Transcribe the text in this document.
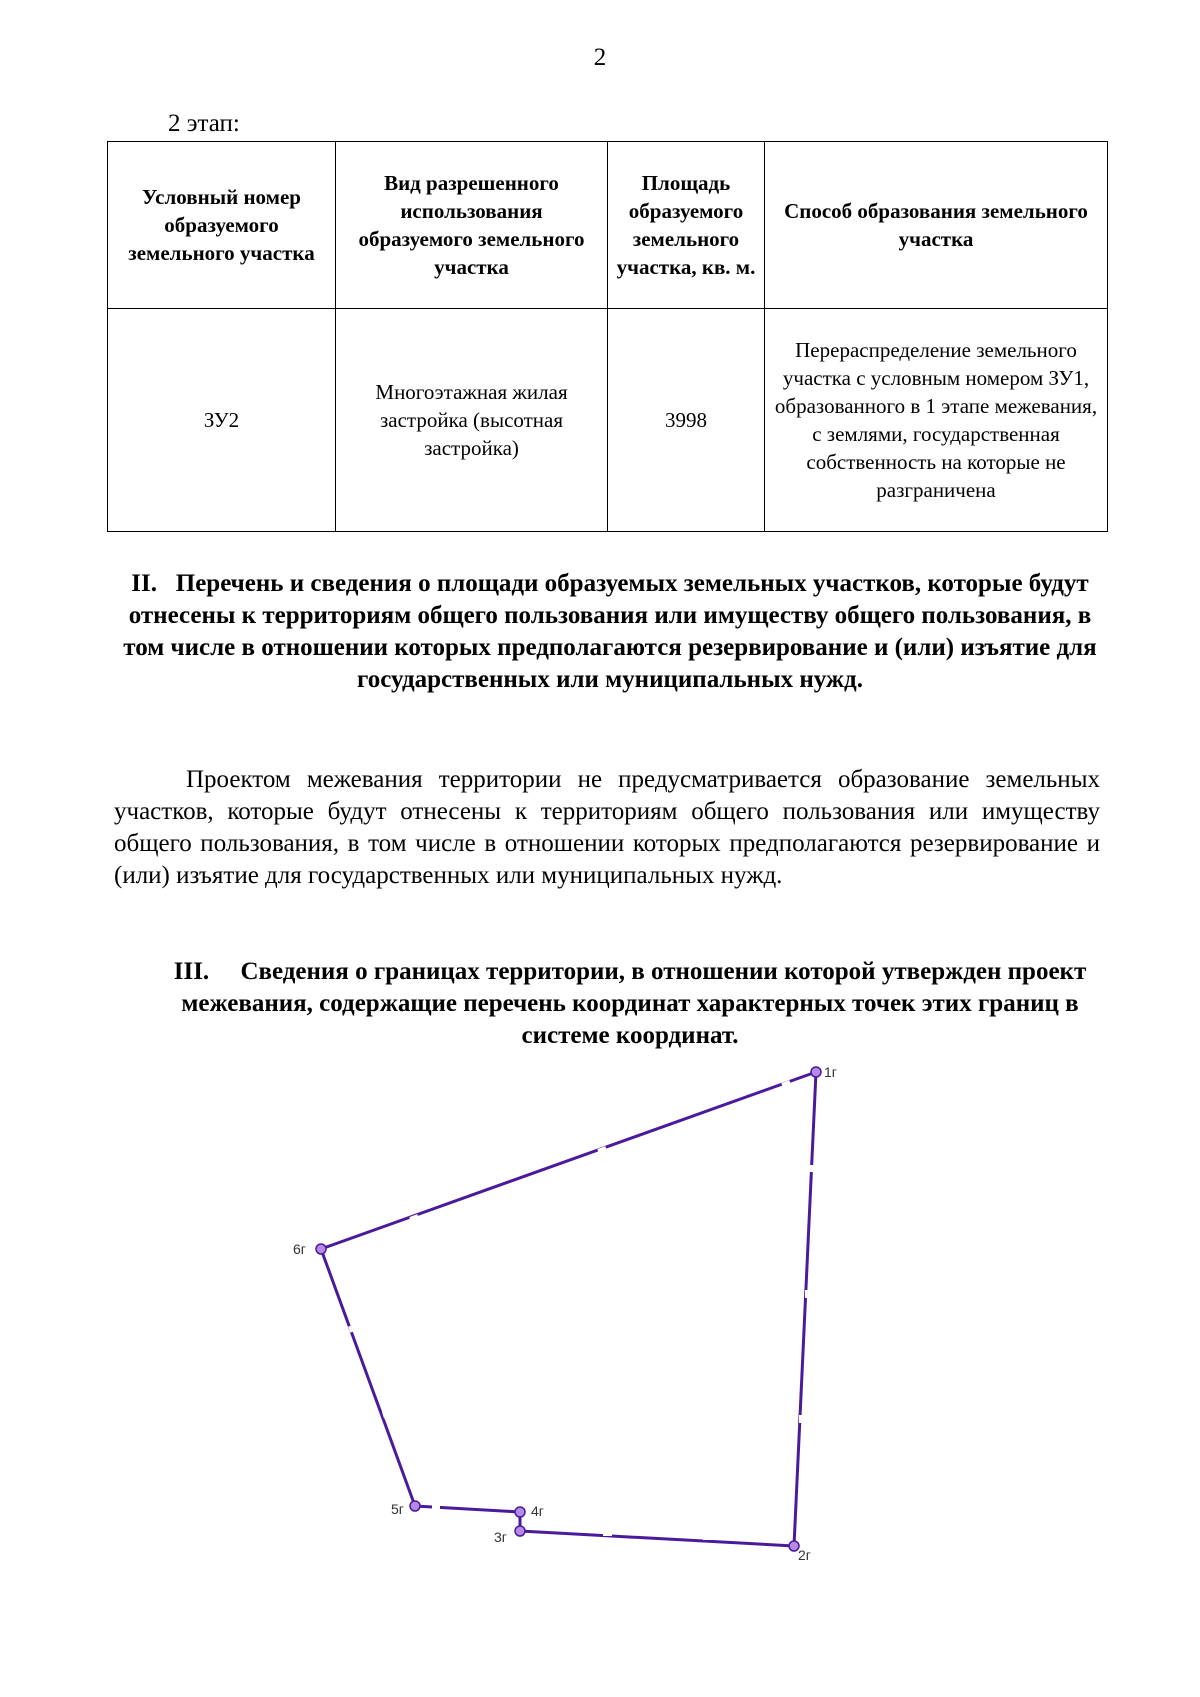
2
2 этап:
Условный номер образуемого земельного участка	Вид разрешенного использования образуемого земельного участка	Площадь образуемого земельного участка, кв. м.	Способ образования земельного участка
ЗУ2	Многоэтажная жилая застройка (высотная застройка)	3998	Перераспределение земельного участка с условным номером ЗУ1, образованного в 1 этапе межевания, с землями, государственная собственность на которые не разграничена
II. Перечень и сведения о площади образуемых земельных участков, которые будут отнесены к территориям общего пользования или имуществу общего пользования, в том числе в отношении которых предполагаются резервирование и (или) изъятие для государственных или муниципальных нужд.
Проектом межевания территории не предусматривается образование земельных участков, которые будут отнесены к территориям общего пользования или имуществу общего пользования, в том числе в отношении которых предполагаются резервирование и (или) изъятие для государственных или муниципальных нужд.
III. Сведения о границах территории, в отношении которой утвержден проект межевания, содержащие перечень координат характерных точек этих границ в системе координат.
1г
2г
3г
4г
5г
6г
